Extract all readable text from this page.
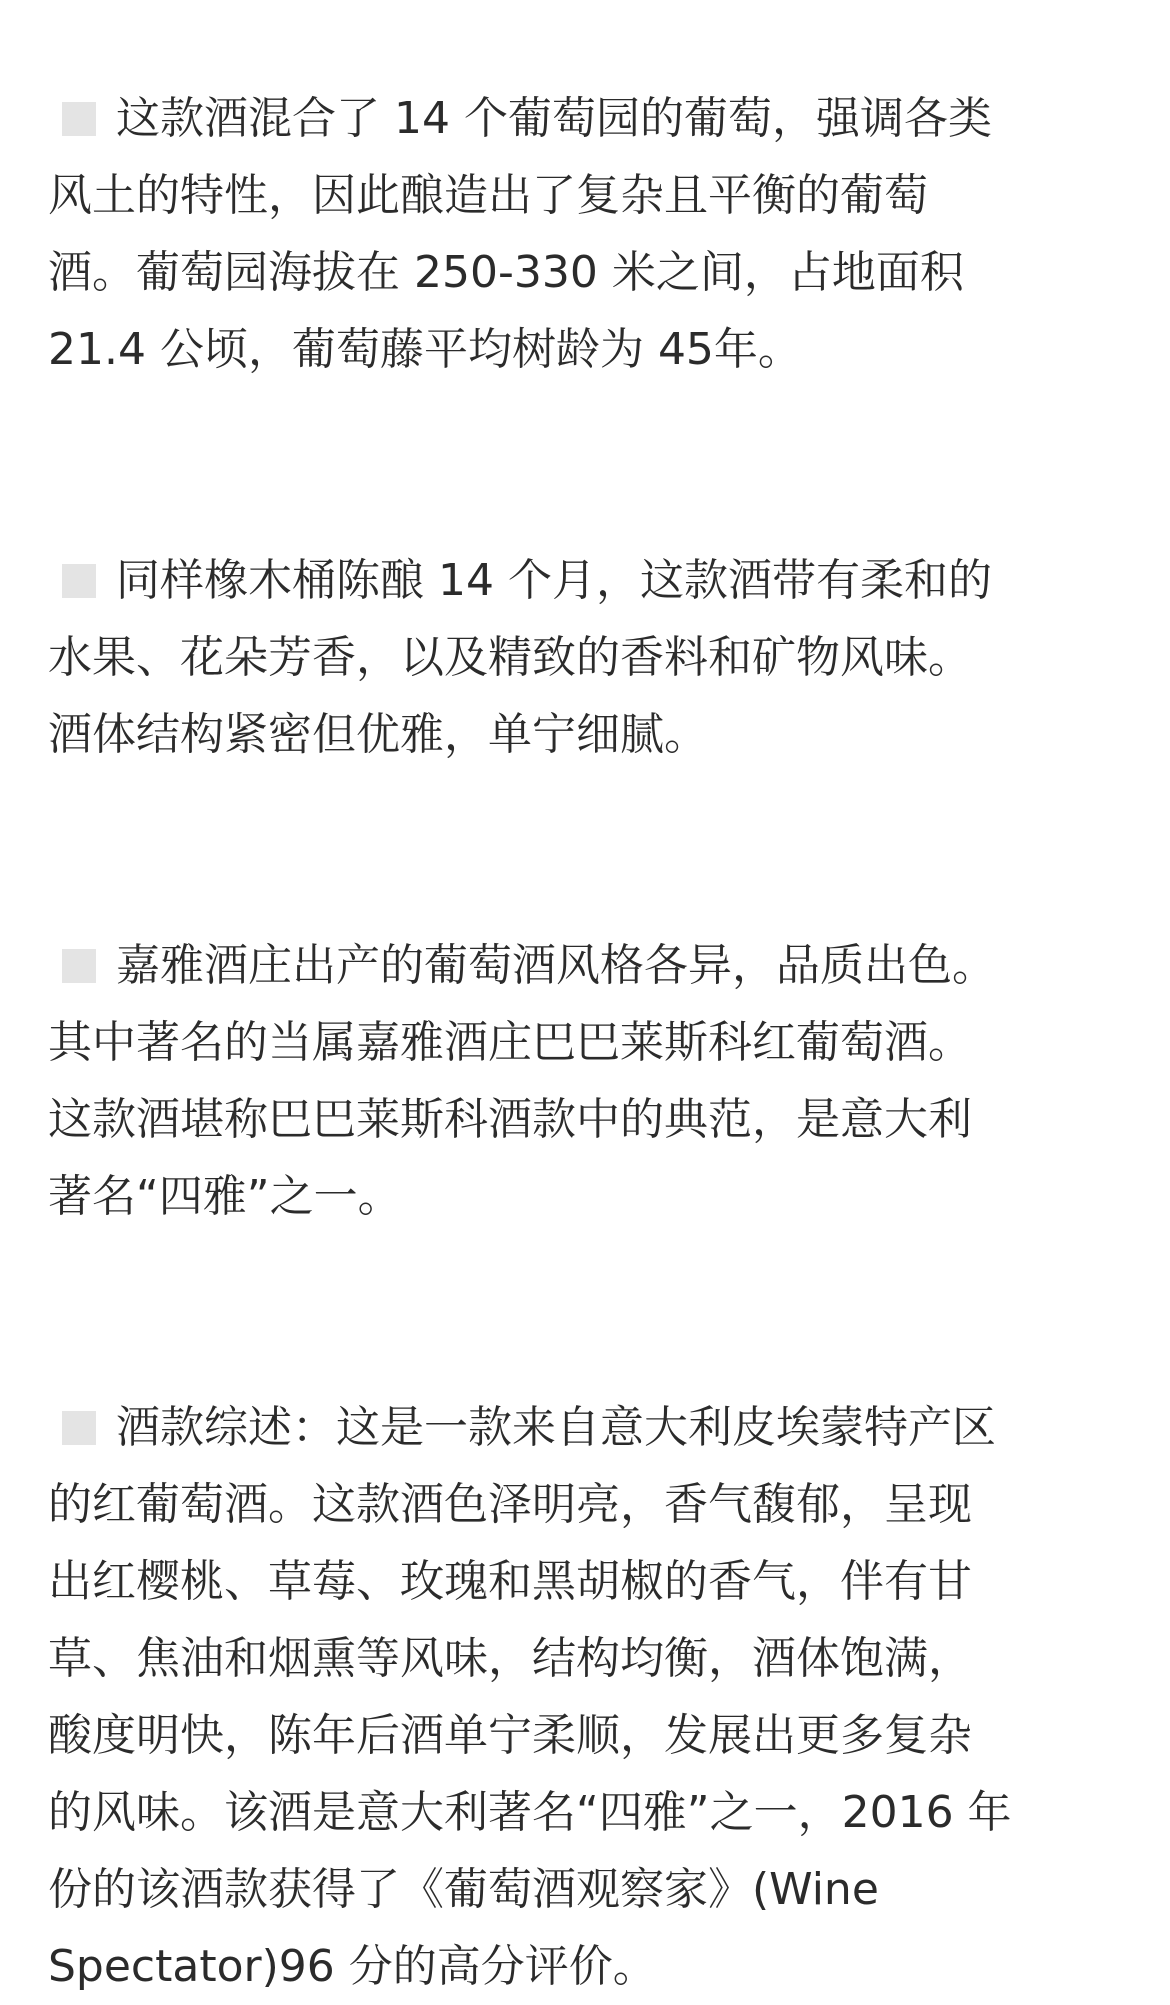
这款酒混合了 14 个葡萄园的葡萄，强调各类
风土的特性，因此酿造出了复杂且平衡的葡萄
酒。葡萄园海拔在 250-330 米之间，占地面积
21.4 公顷，葡萄藤平均树龄为 45年。

同样橡木桶陈酿 14 个月，这款酒带有柔和的
水果、花朵芳香，以及精致的香料和矿物风味。
酒体结构紧密但优雅，单宁细腻。

嘉雅酒庄出产的葡萄酒风格各异，品质出色。
其中著名的当属嘉雅酒庄巴巴莱斯科红葡萄酒。
这款酒堪称巴巴莱斯科酒款中的典范，是意大利
著名“四雅”之一。

酒款综述：这是一款来自意大利皮埃蒙特产区
的红葡萄酒。这款酒色泽明亮，香气馥郁，呈现
出红樱桃、草莓、玫瑰和黑胡椒的香气，伴有甘
草、焦油和烟熏等风味，结构均衡，酒体饱满，
酸度明快，陈年后酒单宁柔顺，发展出更多复杂
的风味。该酒是意大利著名“四雅”之一，2016 年
份的该酒款获得了《葡萄酒观察家》(Wine
Spectator)96 分的高分评价。
